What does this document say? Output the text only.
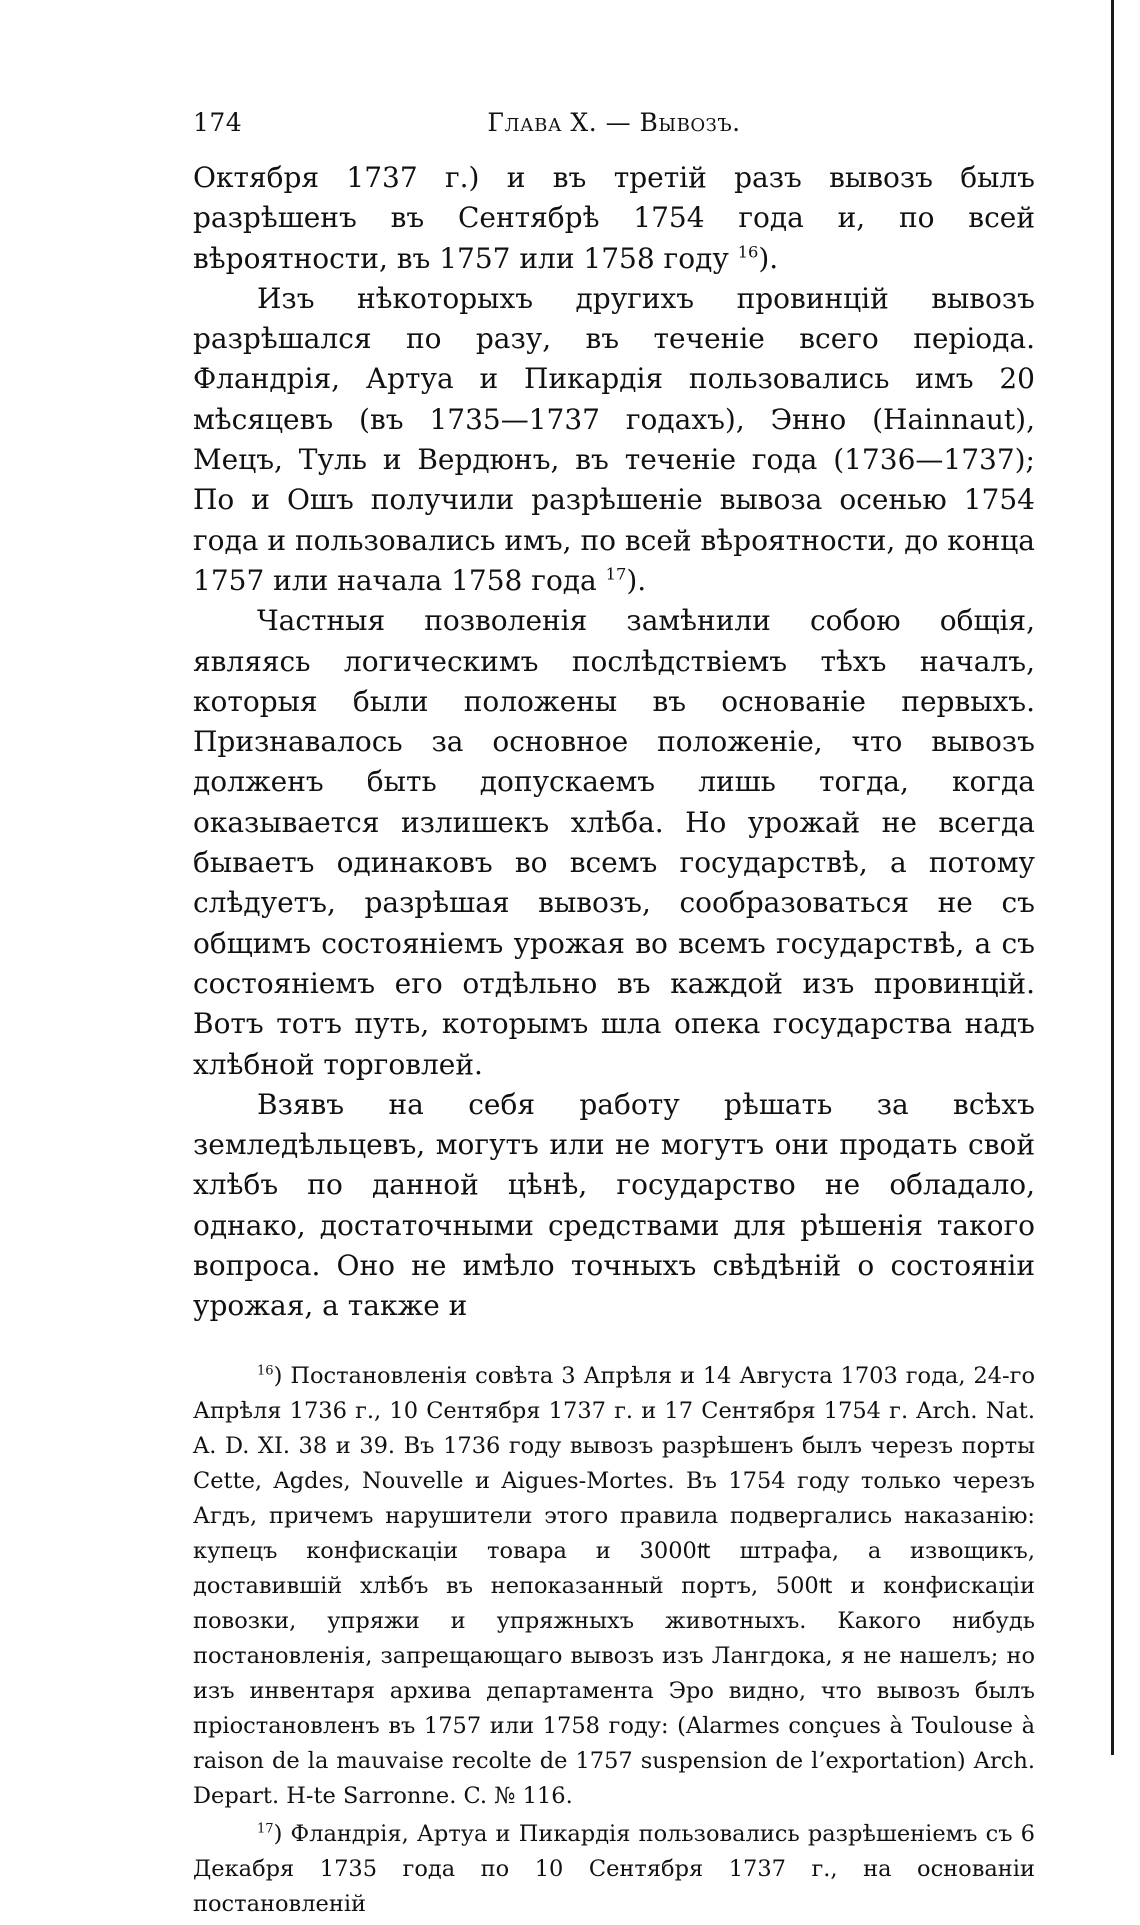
174	Глава X. — Вывозъ.

Октября 1737 г.) и въ третій разъ вывозъ былъ разрѣшенъ въ Сентябрѣ 1754 года и, по всей вѣроятности, въ 1757 или 1758 году $^{16}$).

Изъ нѣкоторыхъ другихъ провинцій вывозъ разрѣшался по разу, въ теченіе всего періода. Фландрія, Артуа и Пикардія пользовались имъ 20 мѣсяцевъ (въ 1735—1737 годахъ), Энно (Hainnaut), Мецъ, Туль и Вердюнъ, въ теченіе года (1736—1737); По и Ошъ получили разрѣшеніе вывоза осенью 1754 года и пользовались имъ, по всей вѣроятности, до конца 1757 или начала 1758 года $^{17}$).

Частныя позволенія замѣнили собою общія, являясь логическимъ послѣдствіемъ тѣхъ началъ, которыя были положены въ основаніе первыхъ. Признавалось за основное положеніе, что вывозъ долженъ быть допускаемъ лишь тогда, когда оказывается излишекъ хлѣба. Но урожай не всегда бываетъ одинаковъ во всемъ государствѣ, а потому слѣдуетъ, разрѣшая вывозъ, сообразоваться не съ общимъ состояніемъ урожая во всемъ государствѣ, а съ состояніемъ его отдѣльно въ каждой изъ провинцій. Вотъ тотъ путь, которымъ шла опека государства надъ хлѣбной торговлей.

Взявъ на себя работу рѣшать за всѣхъ земледѣльцевъ, могутъ или не могутъ они продать свой хлѣбъ по данной цѣнѣ, государство не обладало, однако, достаточными средствами для рѣшенія такого вопроса. Оно не имѣло точныхъ свѣдѣній о состояніи урожая, а также и

$^{16}$) Постановленія совѣта 3 Апрѣля и 14 Августа 1703 года, 24-го Апрѣля 1736 г., 10 Сентября 1737 г. и 17 Сентября 1754 г. Arch. Nat. A. D. XI. 38 и 39. Въ 1736 году вывозъ разрѣшенъ былъ черезъ порты Cette, Agdes, Nouvelle и Aigues-Mortes. Въ 1754 году только черезъ Агдъ, причемъ нарушители этого правила подвергались наказанію: купецъ конфискаціи товара и 3000₶ штрафа, а извощикъ, доставившій хлѣбъ въ непоказанный портъ, 500₶ и конфискаціи повозки, упряжи и упряжныхъ животныхъ. Какого нибудь постановленія, запрещающаго вывозъ изъ Лангдока, я не нашелъ; но изъ инвентаря архива департамента Эро видно, что вывозъ былъ пріостановленъ въ 1757 или 1758 году: (Alarmes conçues à Toulouse à raison de la mauvaise recolte de 1757 suspension de l’exportation) Arch. Depart. H-te Sarronne. C. № 116.

$^{17}$) Фландрія, Артуа и Пикардія пользовались разрѣшеніемъ съ 6 Декабря 1735 года по 10 Сентября 1737 г., на основаніи постановленій
